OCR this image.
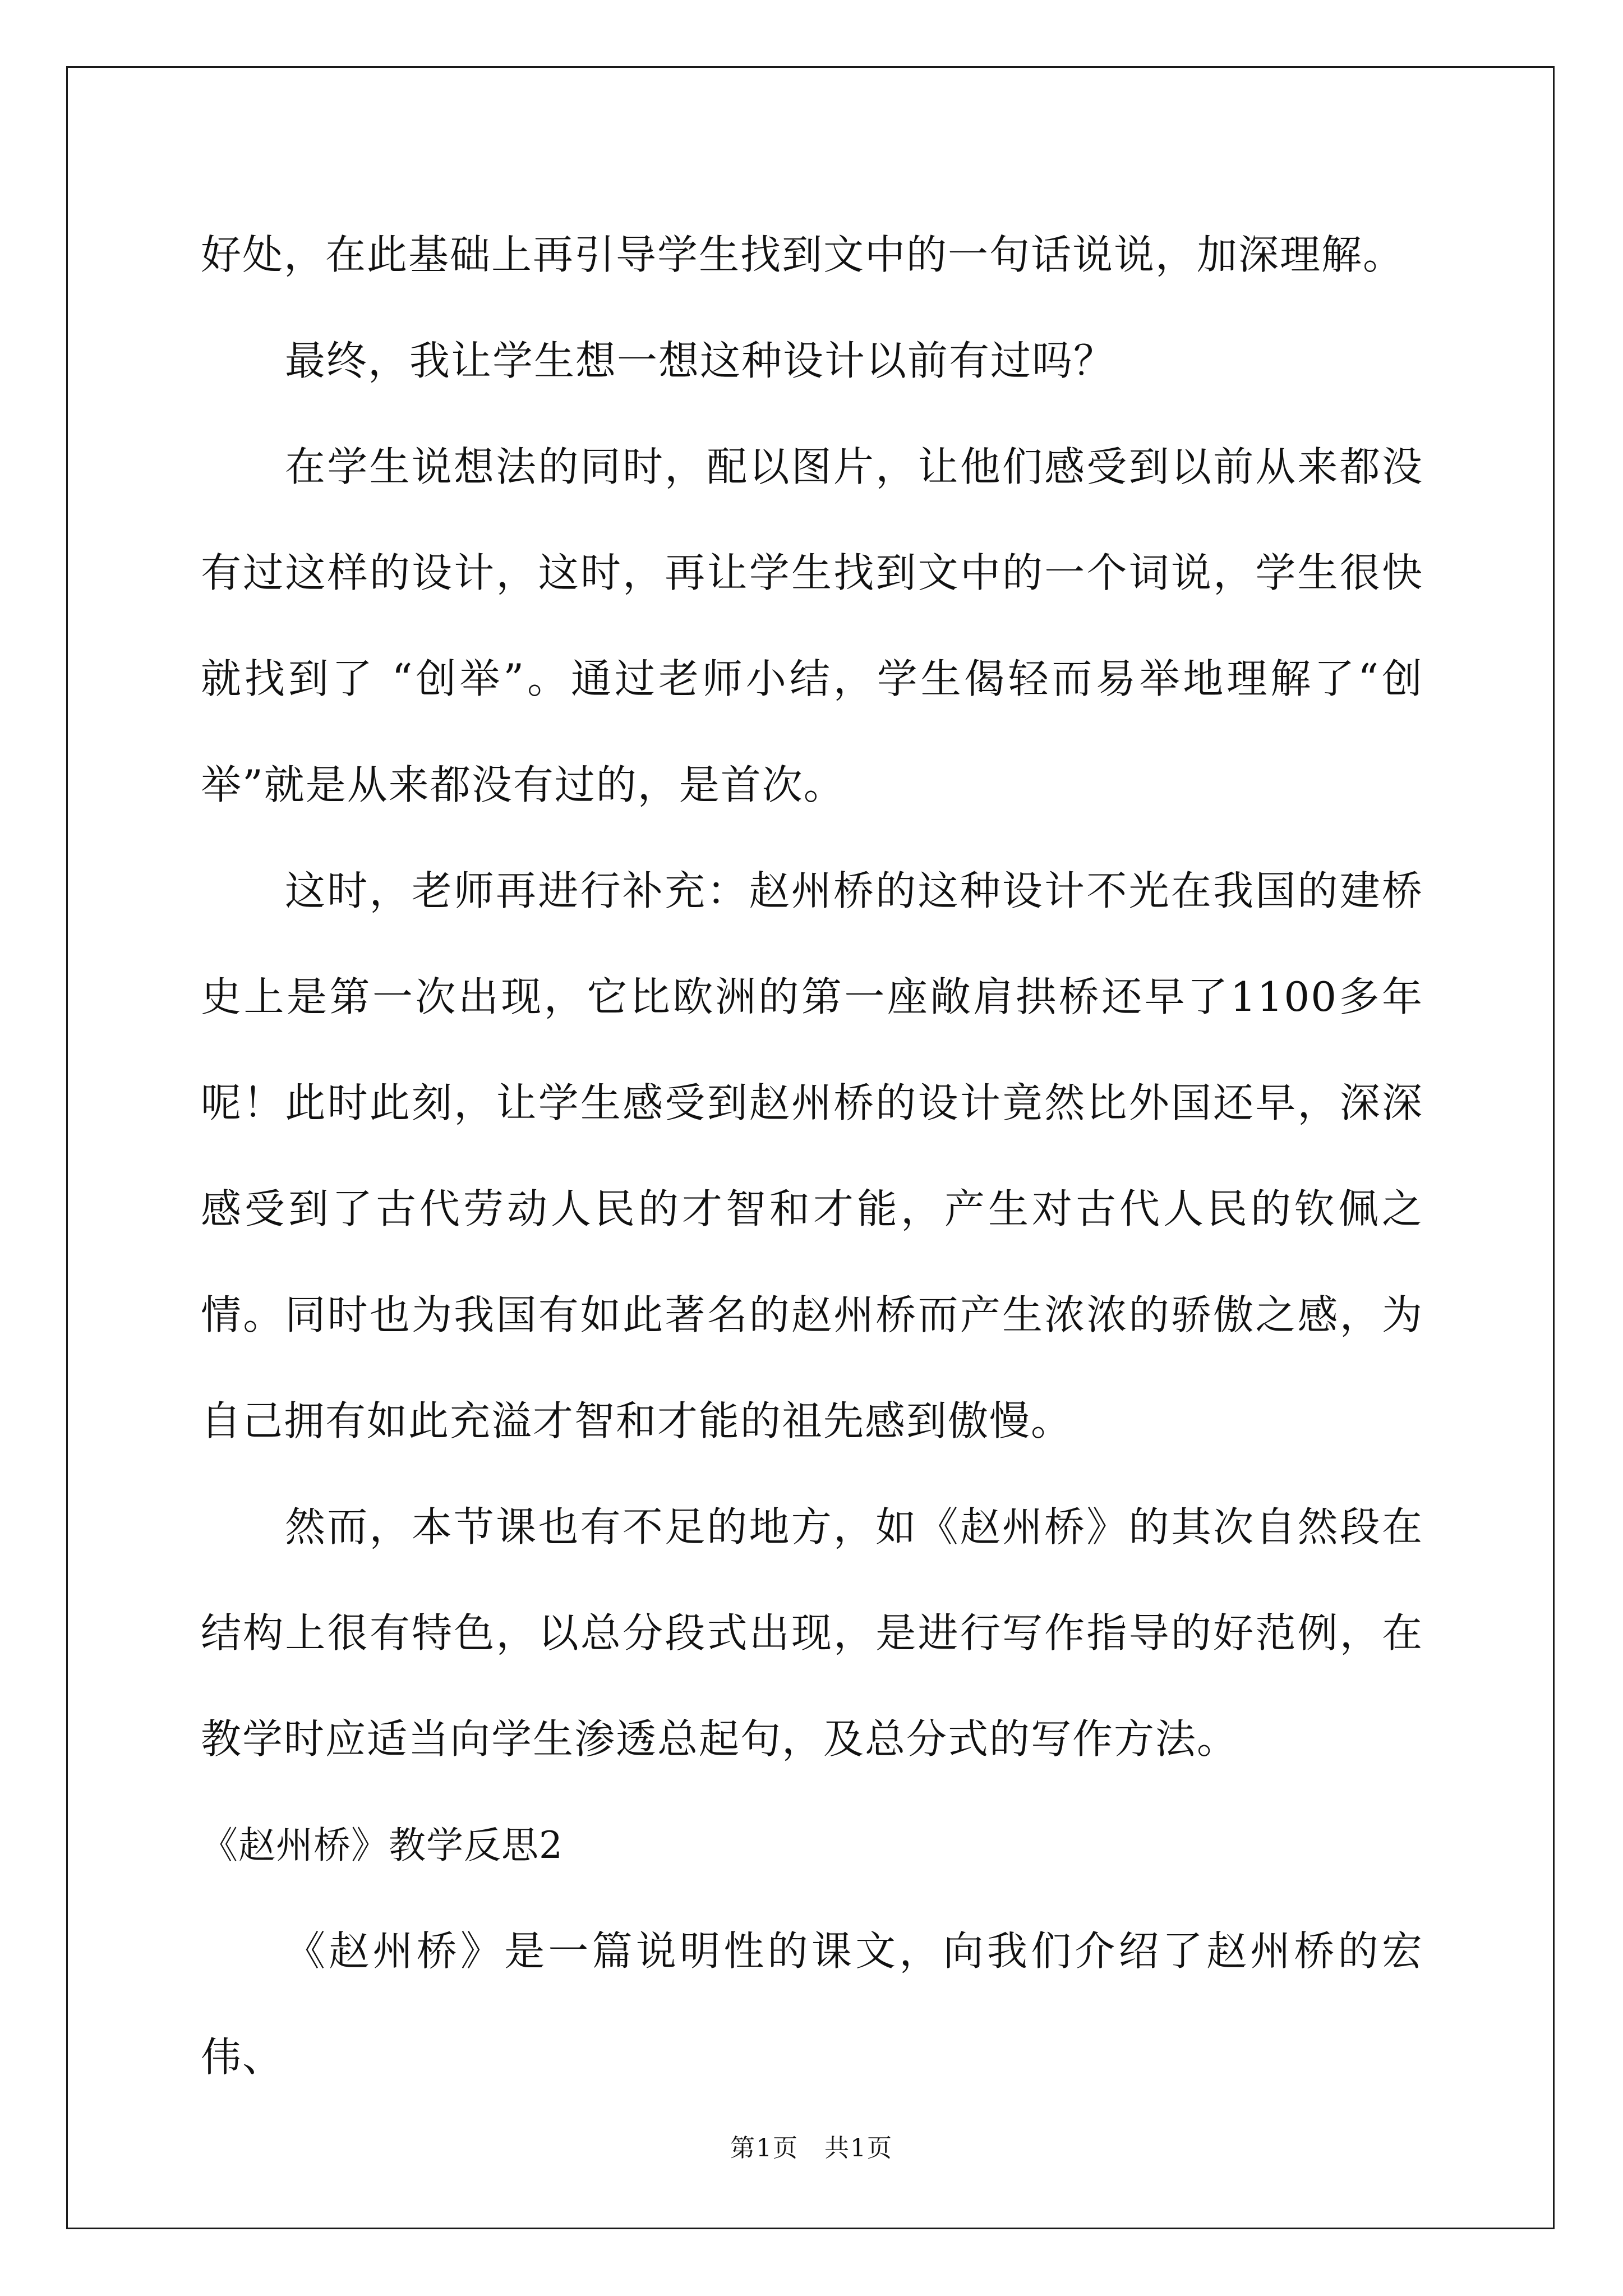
好处，在此基础上再引导学生找到文中的一句话说说，加深理解。

最终，我让学生想一想这种设计以前有过吗？

在学生说想法的同时，配以图片，让他们感受到以前从来都没有过这样的设计，这时，再让学生找到文中的一个词说，学生很快就找到了 “创举”。通过老师小结，学生偈轻而易举地理解了“创举”就是从来都没有过的，是首次。

这时，老师再进行补充：赵州桥的这种设计不光在我国的建桥史上是第一次出现，它比欧洲的第一座敞肩拱桥还早了1100多年呢！此时此刻，让学生感受到赵州桥的设计竟然比外国还早，深深感受到了古代劳动人民的才智和才能，产生对古代人民的钦佩之情。同时也为我国有如此著名的赵州桥而产生浓浓的骄傲之感，为自己拥有如此充溢才智和才能的祖先感到傲慢。

然而，本节课也有不足的地方，如《赵州桥》的其次自然段在结构上很有特色，以总分段式出现，是进行写作指导的好范例，在教学时应适当向学生渗透总起句，及总分式的写作方法。

《赵州桥》教学反思2

《赵州桥》是一篇说明性的课文，向我们介绍了赵州桥的宏伟、

第1页　共1页
